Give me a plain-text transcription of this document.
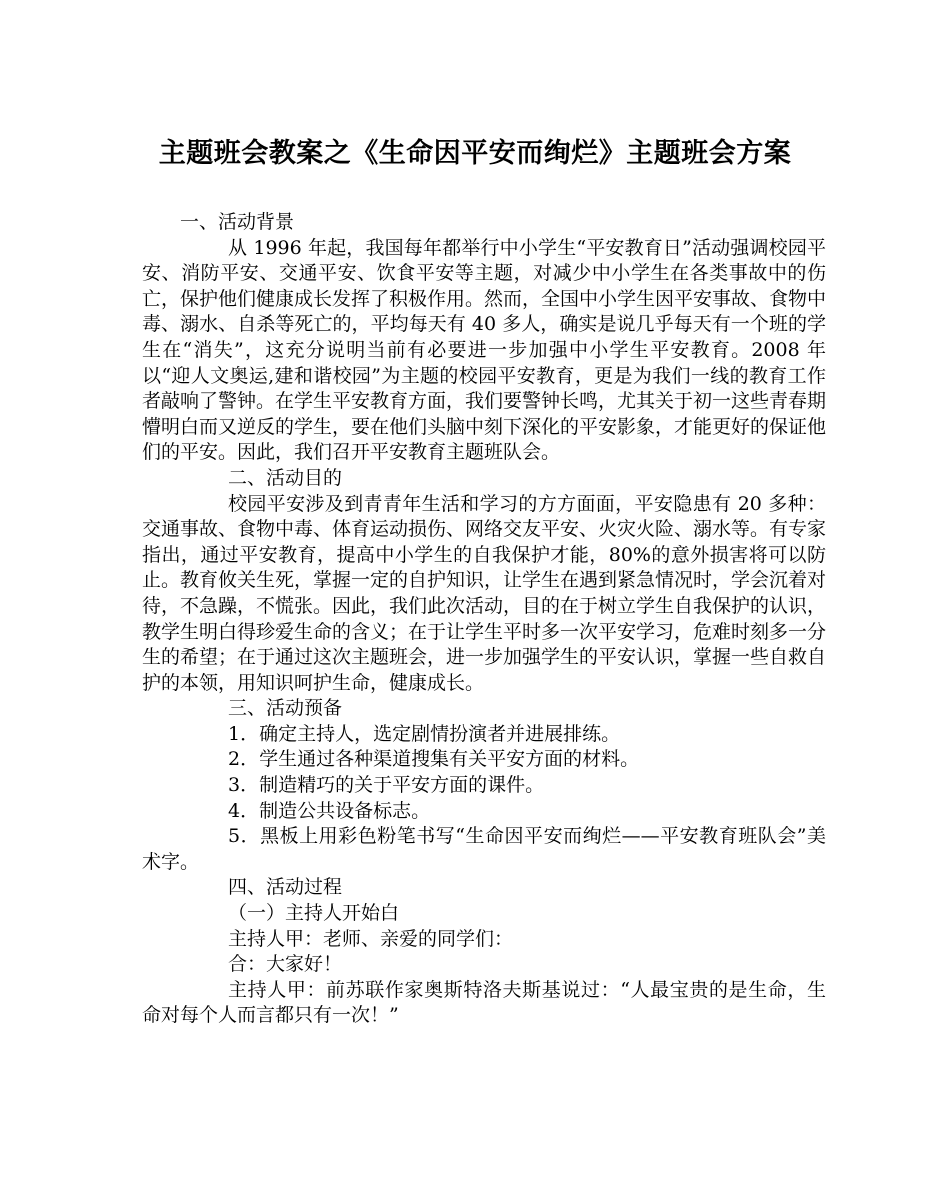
主题班会教案之《生命因平安而绚烂》主题班会方案

一、活动背景

从 1996 年起，我国每年都举行中小学生“平安教育日”活动强调校园平安、消防平安、交通平安、饮食平安等主题，对减少中小学生在各类事故中的伤亡，保护他们健康成长发挥了积极作用。然而，全国中小学生因平安事故、食物中毒、溺水、自杀等死亡的，平均每天有 40 多人，确实是说几乎每天有一个班的学生在“消失”，这充分说明当前有必要进一步加强中小学生平安教育。2008 年以“迎人文奥运,建和谐校园”为主题的校园平安教育，更是为我们一线的教育工作者敲响了警钟。在学生平安教育方面，我们要警钟长鸣，尤其关于初一这些青春期懵明白而又逆反的学生，要在他们头脑中刻下深化的平安影象，才能更好的保证他们的平安。因此，我们召开平安教育主题班队会。

二、活动目的

校园平安涉及到青青年生活和学习的方方面面，平安隐患有 20 多种：交通事故、食物中毒、体育运动损伤、网络交友平安、火灾火险、溺水等。有专家指出，通过平安教育，提高中小学生的自我保护才能，80%的意外损害将可以防止。教育攸关生死，掌握一定的自护知识，让学生在遇到紧急情况时，学会沉着对待，不急躁，不慌张。因此，我们此次活动，目的在于树立学生自我保护的认识，教学生明白得珍爱生命的含义；在于让学生平时多一次平安学习，危难时刻多一分生的希望；在于通过这次主题班会，进一步加强学生的平安认识，掌握一些自救自护的本领，用知识呵护生命，健康成长。

三、活动预备

1．确定主持人，选定剧情扮演者并进展排练。

2．学生通过各种渠道搜集有关平安方面的材料。

3．制造精巧的关于平安方面的课件。

4．制造公共设备标志。

5．黑板上用彩色粉笔书写“生命因平安而绚烂——平安教育班队会”美术字。

四、活动过程

（一）主持人开始白

主持人甲：老师、亲爱的同学们：

合：大家好！

主持人甲：前苏联作家奥斯特洛夫斯基说过：“人最宝贵的是生命，生命对每个人而言都只有一次！”
